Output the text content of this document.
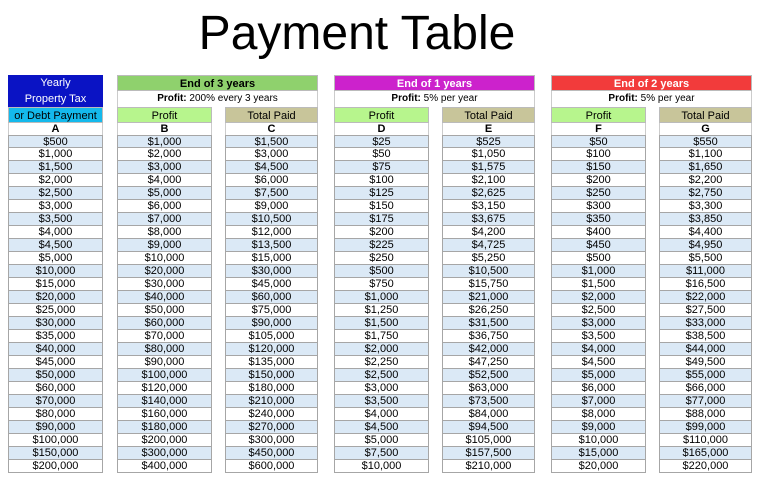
Payment Table
Yearly
Property Tax
or Debt Payment
A
$500
$1,000
$1,500
$2,000
$2,500
$3,000
$3,500
$4,000
$4,500
$5,000
$10,000
$15,000
$20,000
$25,000
$30,000
$35,000
$40,000
$45,000
$50,000
$60,000
$70,000
$80,000
$90,000
$100,000
$150,000
$200,000
End of 3 years
Profit: 200% every 3 years
Profit
B
$1,000
$2,000
$3,000
$4,000
$5,000
$6,000
$7,000
$8,000
$9,000
$10,000
$20,000
$30,000
$40,000
$50,000
$60,000
$70,000
$80,000
$90,000
$100,000
$120,000
$140,000
$160,000
$180,000
$200,000
$300,000
$400,000
Total Paid
C
$1,500
$3,000
$4,500
$6,000
$7,500
$9,000
$10,500
$12,000
$13,500
$15,000
$30,000
$45,000
$60,000
$75,000
$90,000
$105,000
$120,000
$135,000
$150,000
$180,000
$210,000
$240,000
$270,000
$300,000
$450,000
$600,000
End of 1 years
Profit: 5% per year
Profit
D
$25
$50
$75
$100
$125
$150
$175
$200
$225
$250
$500
$750
$1,000
$1,250
$1,500
$1,750
$2,000
$2,250
$2,500
$3,000
$3,500
$4,000
$4,500
$5,000
$7,500
$10,000
Total Paid
E
$525
$1,050
$1,575
$2,100
$2,625
$3,150
$3,675
$4,200
$4,725
$5,250
$10,500
$15,750
$21,000
$26,250
$31,500
$36,750
$42,000
$47,250
$52,500
$63,000
$73,500
$84,000
$94,500
$105,000
$157,500
$210,000
End of 2 years
Profit: 5% per year
Profit
F
$50
$100
$150
$200
$250
$300
$350
$400
$450
$500
$1,000
$1,500
$2,000
$2,500
$3,000
$3,500
$4,000
$4,500
$5,000
$6,000
$7,000
$8,000
$9,000
$10,000
$15,000
$20,000
Total Paid
G
$550
$1,100
$1,650
$2,200
$2,750
$3,300
$3,850
$4,400
$4,950
$5,500
$11,000
$16,500
$22,000
$27,500
$33,000
$38,500
$44,000
$49,500
$55,000
$66,000
$77,000
$88,000
$99,000
$110,000
$165,000
$220,000
